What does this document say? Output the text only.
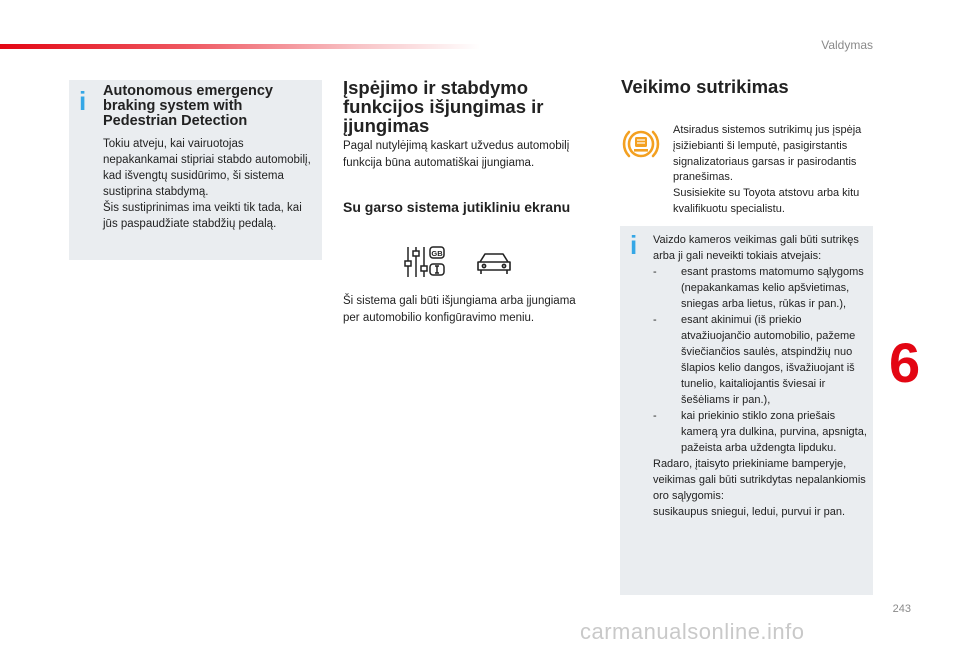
Valdymas
i Autonomous emergency braking system with Pedestrian Detection

Tokiu atveju, kai vairuotojas nepakankamai stipriai stabdo automobilį, kad išvengtų susidūrimo, ši sistema sustiprina stabdymą.
Šis sustiprinimas ima veikti tik tada, kai jūs paspaudžiate stabdžių pedalą.

Įspėjimo ir stabdymo funkcijos išjungimas ir įjungimas

Pagal nutylėjimą kaskart užvedus automobilį funkcija būna automatiškai įjungiama.

Su garso sistema jutikliniu ekranu
GB

Ši sistema gali būti išjungiama arba įjungiama per automobilio konfigūravimo meniu.

Veikimo sutrikimas

Atsiradus sistemos sutrikimų jus įspėja įsižiebianti ši lemputė, pasigirstantis signalizatoriaus garsas ir pasirodantis pranešimas.
Susisiekite su Toyota atstovu arba kitu kvalifikuotu specialistu.

i Vaizdo kameros veikimas gali būti sutrikęs arba ji gali neveikti tokiais atvejais:

-	esant prastoms matomumo sąlygoms (nepakankamas kelio apšvietimas, sniegas arba lietus, rūkas ir pan.),

-	esant akinimui (iš priekio atvažiuojančio automobilio, pažeme šviečiančios saulės, atspindžių nuo šlapios kelio dangos, išvažiuojant iš tunelio, kaitaliojantis šviesai ir šešėliams ir pan.),

-	kai priekinio stiklo zona priešais kamerą yra dulkina, purvina, apsnigta, pažeista arba uždengta lipduku.

Radaro, įtaisyto priekiniame bamperyje, veikimas gali būti sutrikdytas nepalankiomis oro sąlygomis:

susikaupus sniegui, ledui, purvui ir pan.

6
243
carmanualsonline.info
